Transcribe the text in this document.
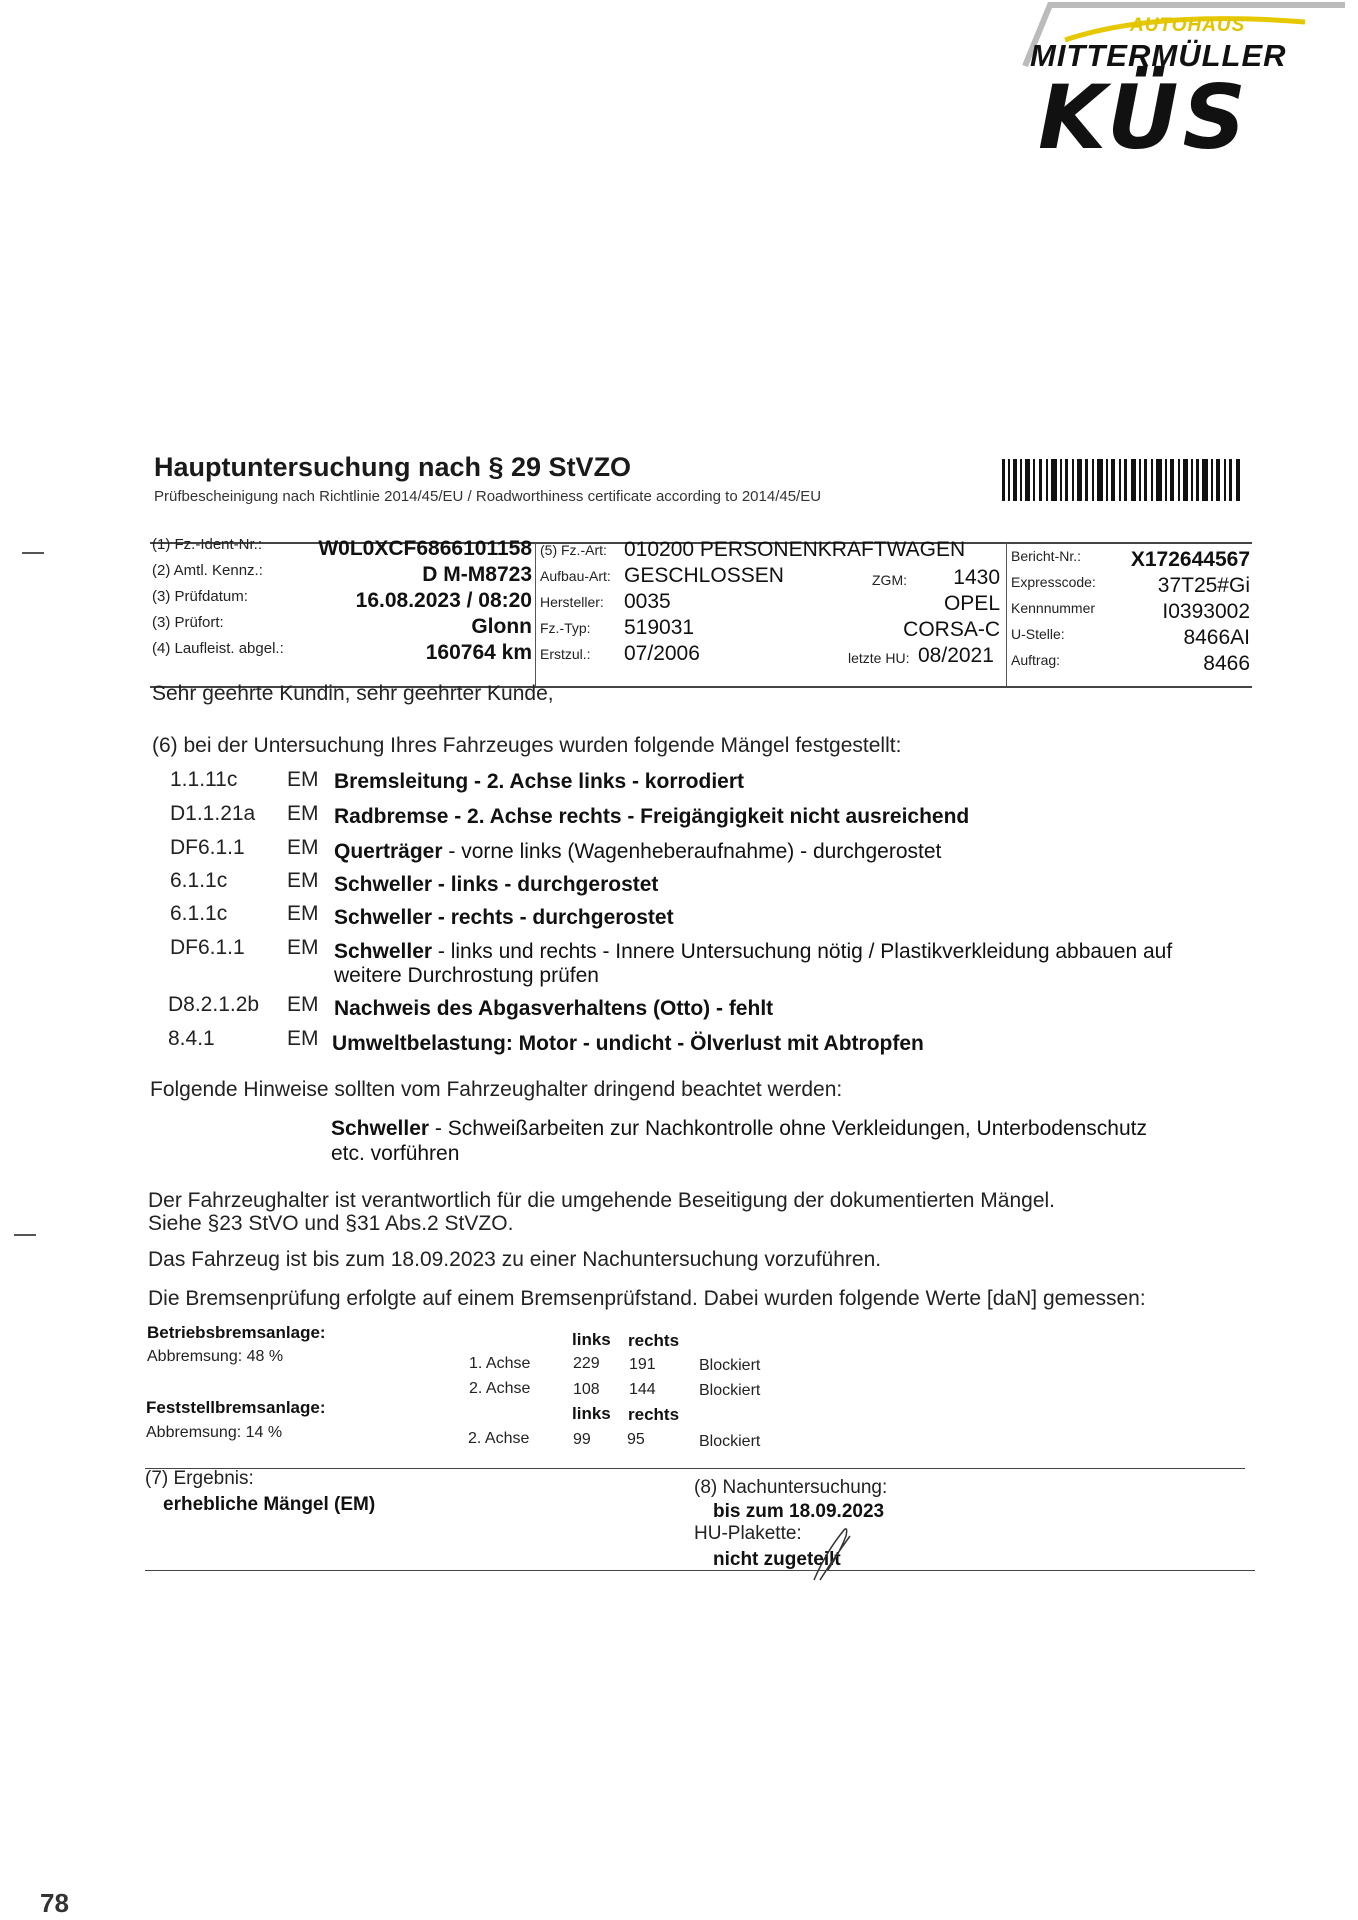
AUTOHAUS
MITTERMÜLLER
KÜS
Hauptuntersuchung nach § 29 StVZO
Prüfbescheinigung nach Richtlinie 2014/45/EU / Roadworthiness certificate according to 2014/45/EU
(1) Fz.-Ident-Nr.:	W0L0XCF6866101158
(2) Amtl. Kennz.:	D M-M8723
(3) Prüfdatum:	16.08.2023 / 08:20
(3) Prüfort:	Glonn
(4) Laufleist. abgel.:	160764 km
(5) Fz.-Art: 010200 PERSONENKRAFTWAGEN
Aufbau-Art: GESCHLOSSEN
Hersteller: 0035
Fz.-Typ: 519031
Erstzul.: 07/2006
ZGM:	1430
OPEL
CORSA-C
letzte HU: 08/2021
Bericht-Nr.:	X172644567
Expresscode:	37T25#Gi
Kennnummer	I0393002
U-Stelle:	8466AI
Auftrag:	8466
Sehr geehrte Kundin, sehr geehrter Kunde,
(6) bei der Untersuchung Ihres Fahrzeuges wurden folgende Mängel festgestellt:
1.1.11c EM Bremsleitung - 2. Achse links - korrodiert
D1.1.21a EM Radbremse - 2. Achse rechts - Freigängigkeit nicht ausreichend
DF6.1.1 EM Querträger - vorne links (Wagenheberaufnahme) - durchgerostet
6.1.1c	EM Schweller - links - durchgerostet
6.1.1c	EM Schweller - rechts - durchgerostet
DF6.1.1 EM Schweller - links und rechts - Innere Untersuchung nötig / Plastikverkleidung abbauen auf
weitere Durchrostung prüfen
D8.2.1.2b EM Nachweis des Abgasverhaltens (Otto) - fehlt
8.4.1	EM Umweltbelastung: Motor - undicht - Ölverlust mit Abtropfen
Folgende Hinweise sollten vom Fahrzeughalter dringend beachtet werden:
Schweller - Schweißarbeiten zur Nachkontrolle ohne Verkleidungen, Unterbodenschutz
etc. vorführen
Der Fahrzeughalter ist verantwortlich für die umgehende Beseitigung der dokumentierten Mängel.
Siehe §23 StVO und §31 Abs.2 StVZO.
Das Fahrzeug ist bis zum 18.09.2023 zu einer Nachuntersuchung vorzuführen.
Die Bremsenprüfung erfolgte auf einem Bremsenprüfstand. Dabei wurden folgende Werte [daN] gemessen:
Betriebsbremsanlage:
Abbremsung: 48 %
links rechts
1. Achse	229 191	Blockiert
2. Achse	108 144	Blockiert
Feststellbremsanlage:	links rechts
Abbremsung: 14 %	2. Achse	99 95	Blockiert
(7) Ergebnis:
erhebliche Mängel (EM)
(8) Nachuntersuchung:
bis zum 18.09.2023
HU-Plakette:
nicht zugeteilt
78
